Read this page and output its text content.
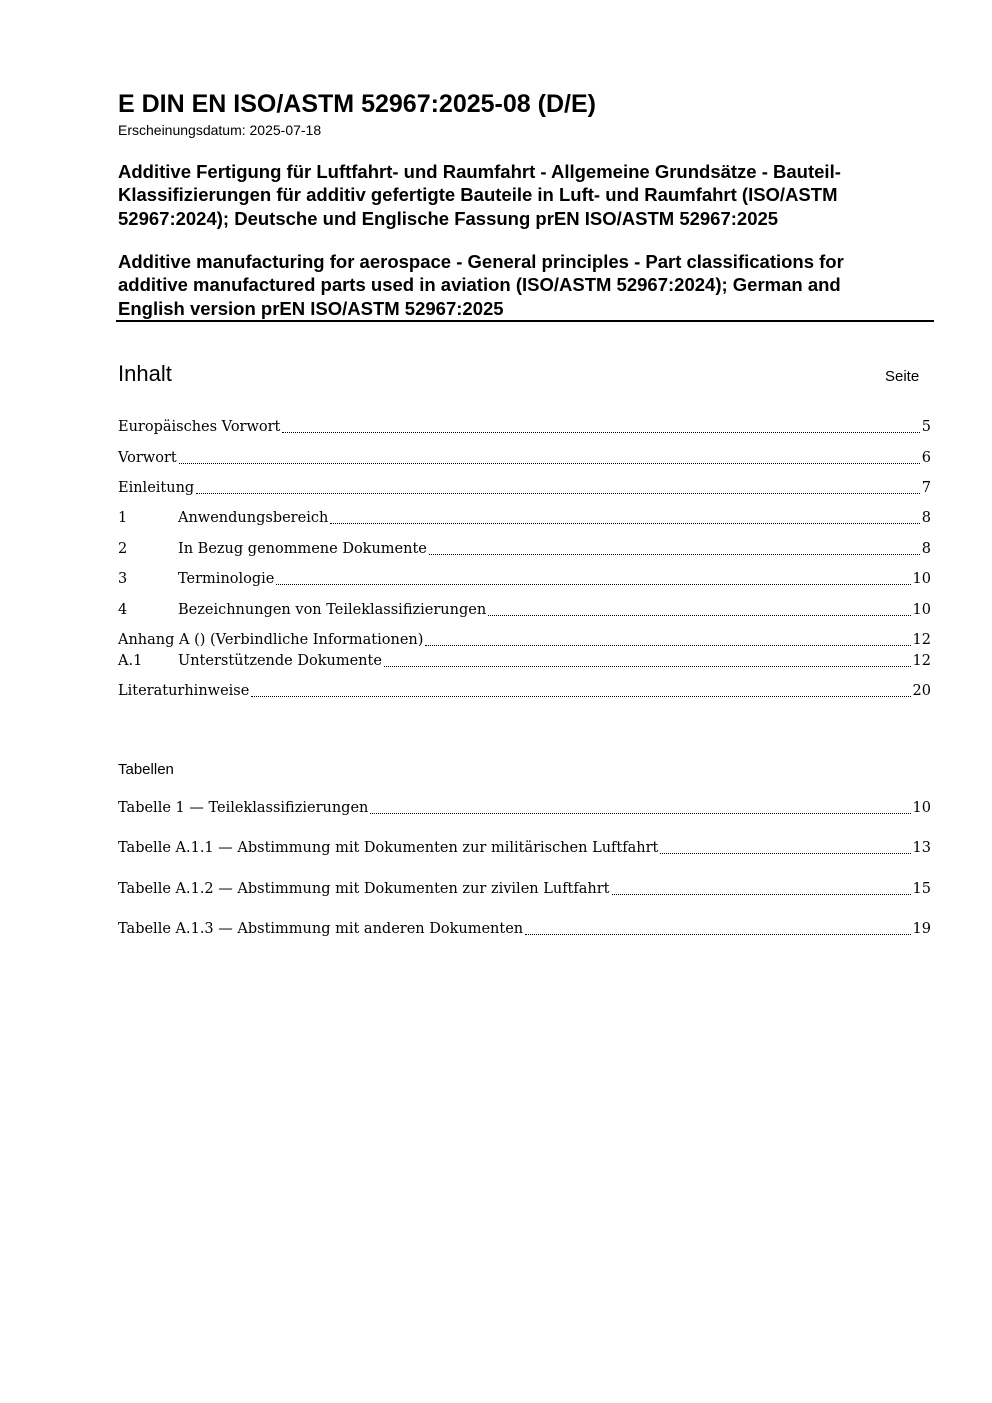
E DIN EN ISO/ASTM 52967:2025-08 (D/E)
Erscheinungsdatum: 2025-07-18
Additive Fertigung für Luftfahrt- und Raumfahrt - Allgemeine Grundsätze - Bauteil-
Klassifizierungen für additiv gefertigte Bauteile in Luft- und Raumfahrt (ISO/ASTM
52967:2024); Deutsche und Englische Fassung prEN ISO/ASTM 52967:2025
Additive manufacturing for aerospace - General principles - Part classifications for
additive manufactured parts used in aviation (ISO/ASTM 52967:2024); German and
English version prEN ISO/ASTM 52967:2025
Inhalt	Seite
Europäisches Vorwort	5
Vorwort	6
Einleitung	7
1	Anwendungsbereich	8
2	In Bezug genommene Dokumente	8
3	Terminologie	10
4	Bezeichnungen von Teileklassifizierungen	10
Anhang A () (Verbindliche Informationen)	12
A.1	Unterstützende Dokumente	12
Literaturhinweise	20
Tabellen
Tabelle 1 — Teileklassifizierungen	10
Tabelle A.1.1 — Abstimmung mit Dokumenten zur militärischen Luftfahrt	13
Tabelle A.1.2 — Abstimmung mit Dokumenten zur zivilen Luftfahrt	15
Tabelle A.1.3 — Abstimmung mit anderen Dokumenten	19
